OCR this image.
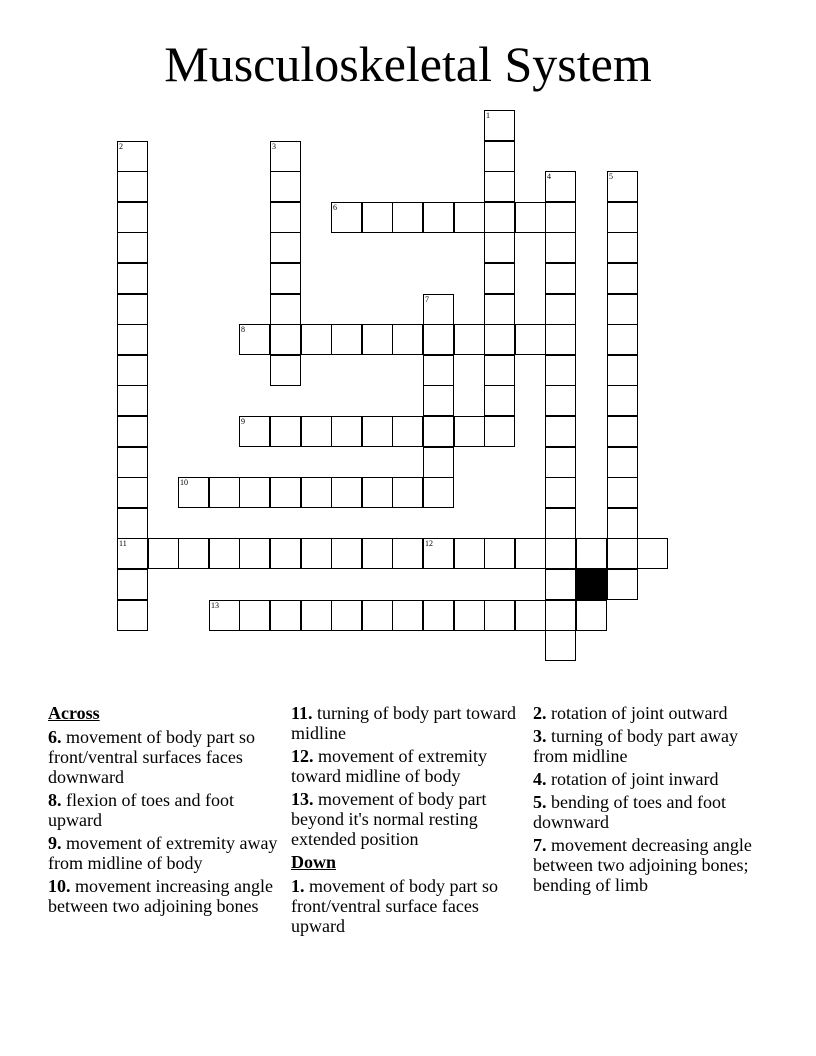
Musculoskeletal System
1
2	3
4	5
6
7
8
9
10
11	12
13
Across
6. movement of body part so front/ventral surfaces faces downward
8. flexion of toes and foot upward
9. movement of extremity away from midline of body
10. movement increasing angle between two adjoining bones
11. turning of body part toward midline
12. movement of extremity toward midline of body
13. movement of body part beyond it's normal resting extended position
Down
1. movement of body part so front/ventral surface faces upward
2. rotation of joint outward
3. turning of body part away from midline
4. rotation of joint inward
5. bending of toes and foot downward
7. movement decreasing angle between two adjoining bones; bending of limb
